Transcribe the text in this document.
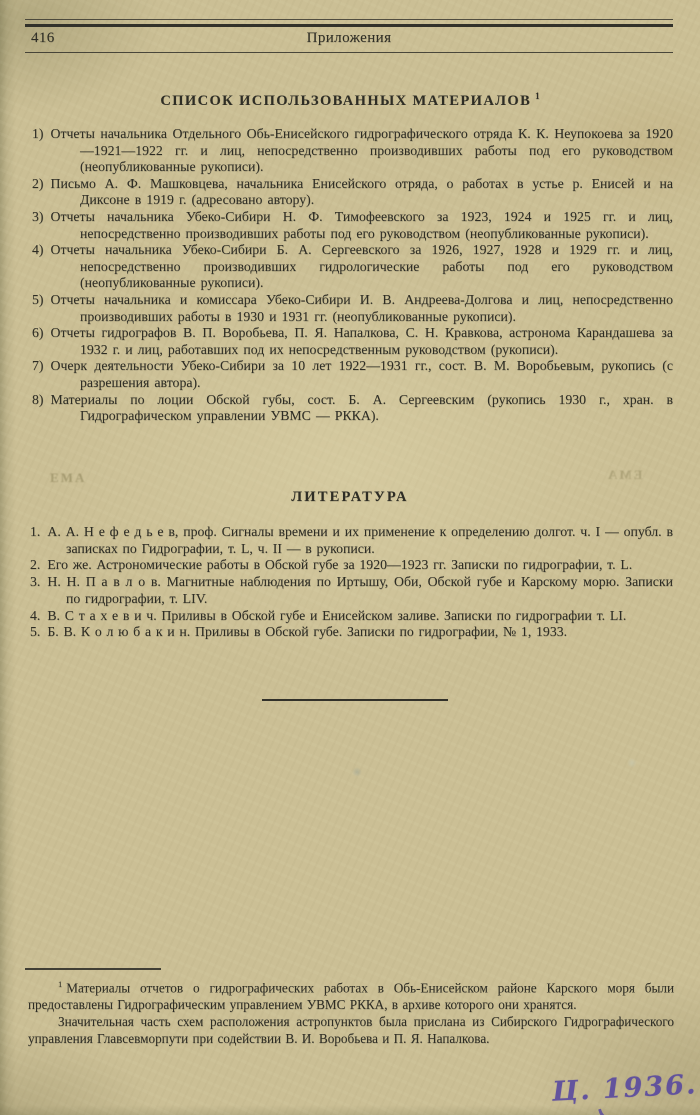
416	Приложения
СПИСОК ИСПОЛЬЗОВАННЫХ МАТЕРИАЛОВ $^1$
1) Отчеты начальника Отдельного Обь-Енисейского гидрографического отряда К. К. Неупокоева за 1920—1921—1922 гг. и лиц, непосредственно производивших работы под его руководством (неопубликованные рукописи).
2) Письмо А. Ф. Машковцева, начальника Енисейского отряда, о работах в устье р. Енисей и на Диксоне в 1919 г. (адресовано автору).
3) Отчеты начальника Убеко-Сибири Н. Ф. Тимофеевского за 1923, 1924 и 1925 гг. и лиц, непосредственно производивших работы под его руководством (неопубликованные рукописи).
4) Отчеты начальника Убеко-Сибири Б. А. Сергеевского за 1926, 1927, 1928 и 1929 гг. и лиц, непосредственно производивших гидрологические работы под его руководством (неопубликованные рукописи).
5) Отчеты начальника и комиссара Убеко-Сибири И. В. Андреева-Долгова и лиц, непосредственно производивших работы в 1930 и 1931 гг. (неопубликованные рукописи).
6) Отчеты гидрографов В. П. Воробьева, П. Я. Напалкова, С. Н. Кравкова, астронома Карандашева за 1932 г. и лиц, работавших под их непосредственным руководством (рукописи).
7) Очерк деятельности Убеко-Сибири за 10 лет 1922—1931 гг., сост. В. М. Воробьевым, рукопись (с разрешения автора).
8) Материалы по лоции Обской губы, сост. Б. А. Сергеевским (рукопись 1930 г., хран. в Гидрографическом управлении УВМС — РККА).
ЕМА	ЕМА
ЛИТЕРАТУРА
1. А. А. Н е ф е д ь е в, проф. Сигналы времени и их применение к определению долгот. ч. I — опубл. в записках по Гидрографии, т. L, ч. II — в рукописи.
2. Его же. Астрономические работы в Обской губе за 1920—1923 гг. Записки по гидрографии, т. L.
3. Н. Н. П а в л о в. Магнитные наблюдения по Иртышу, Оби, Обской губе и Карскому морю. Записки по гидрографии, т. LIV.
4. В. С т а х е в и ч. Приливы в Обской губе и Енисейском заливе. Записки по гидрографии т. LI.
5. Б. В. К о л ю б а к и н. Приливы в Обской губе. Записки по гидрографии, № 1, 1933.

$^1$ Материалы отчетов о гидрографических работах в Обь-Енисейском районе Карского моря были предоставлены Гидрографическим управлением УВМС РККА, в архиве которого они хранятся.

Значительная часть схем расположения астропунктов была прислана из Сибирского Гидрографического управления Главсевморпути при содействии В. И. Воробьева и П. Я. Напалкова.

Ц. 1936.
